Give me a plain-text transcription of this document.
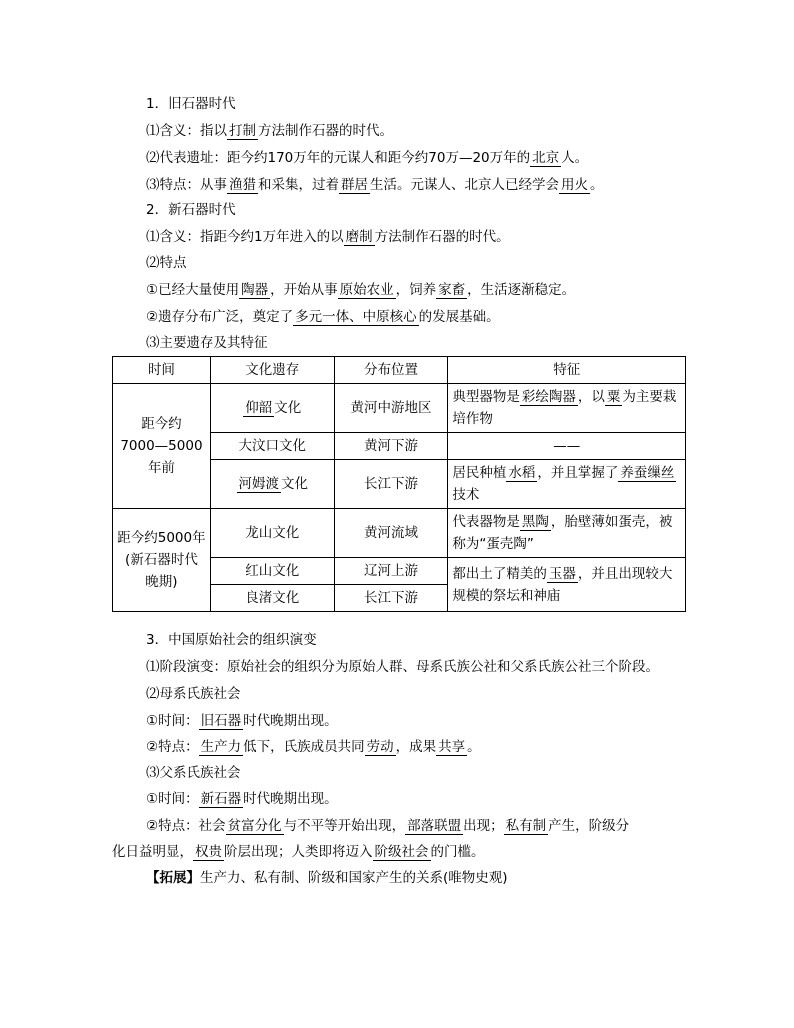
1．旧石器时代
⑴含义：指以 打制 方法制作石器的时代。
⑵代表遗址：距今约170万年的元谋人和距今约70万—20万年的 北京 人。
⑶特点：从事 渔猎 和采集，过着 群居 生活。元谋人、北京人已经学会 用火 。
2．新石器时代
⑴含义：指距今约1万年进入的以 磨制 方法制作石器的时代。
⑵特点
①已经大量使用 陶器 ，开始从事 原始农业 ，饲养 家畜 ，生活逐渐稳定。
②遗存分布广泛，奠定了 多元一体、中原核心 的发展基础。
⑶主要遗存及其特征
时间	文化遗存	分布位置	特征
距今约
7000—5000
年前	仰韶 文化	黄河中游地区	典型器物是 彩绘陶器 ，以 粟 为主要栽培作物
	大汶口文化	黄河下游	——
	河姆渡 文化	长江下游	居民种植 水稻 ，并且掌握了 养蚕缫丝技术
距今约5000年
(新石器时代
晚期)	龙山文化	黄河流域	代表器物是 黑陶 ，胎壁薄如蛋壳，被称为“蛋壳陶”
	红山文化	辽河上游	都出土了精美的 玉器 ，并且出现较大规模的祭坛和神庙
	良渚文化	长江下游	
3．中国原始社会的组织演变
⑴阶段演变：原始社会的组织分为原始人群、母系氏族公社和父系氏族公社三个阶段。
⑵母系氏族社会
①时间： 旧石器 时代晚期出现。
②特点： 生产力 低下，氏族成员共同 劳动 ，成果 共享 。
⑶父系氏族社会
①时间： 新石器 时代晚期出现。
②特点：社会 贫富分化 与不平等开始出现， 部落联盟 出现； 私有制 产生，阶级分
化日益明显， 权贵 阶层出现；人类即将迈入 阶级社会 的门槛。
【拓展】生产力、私有制、阶级和国家产生的关系(唯物史观)
